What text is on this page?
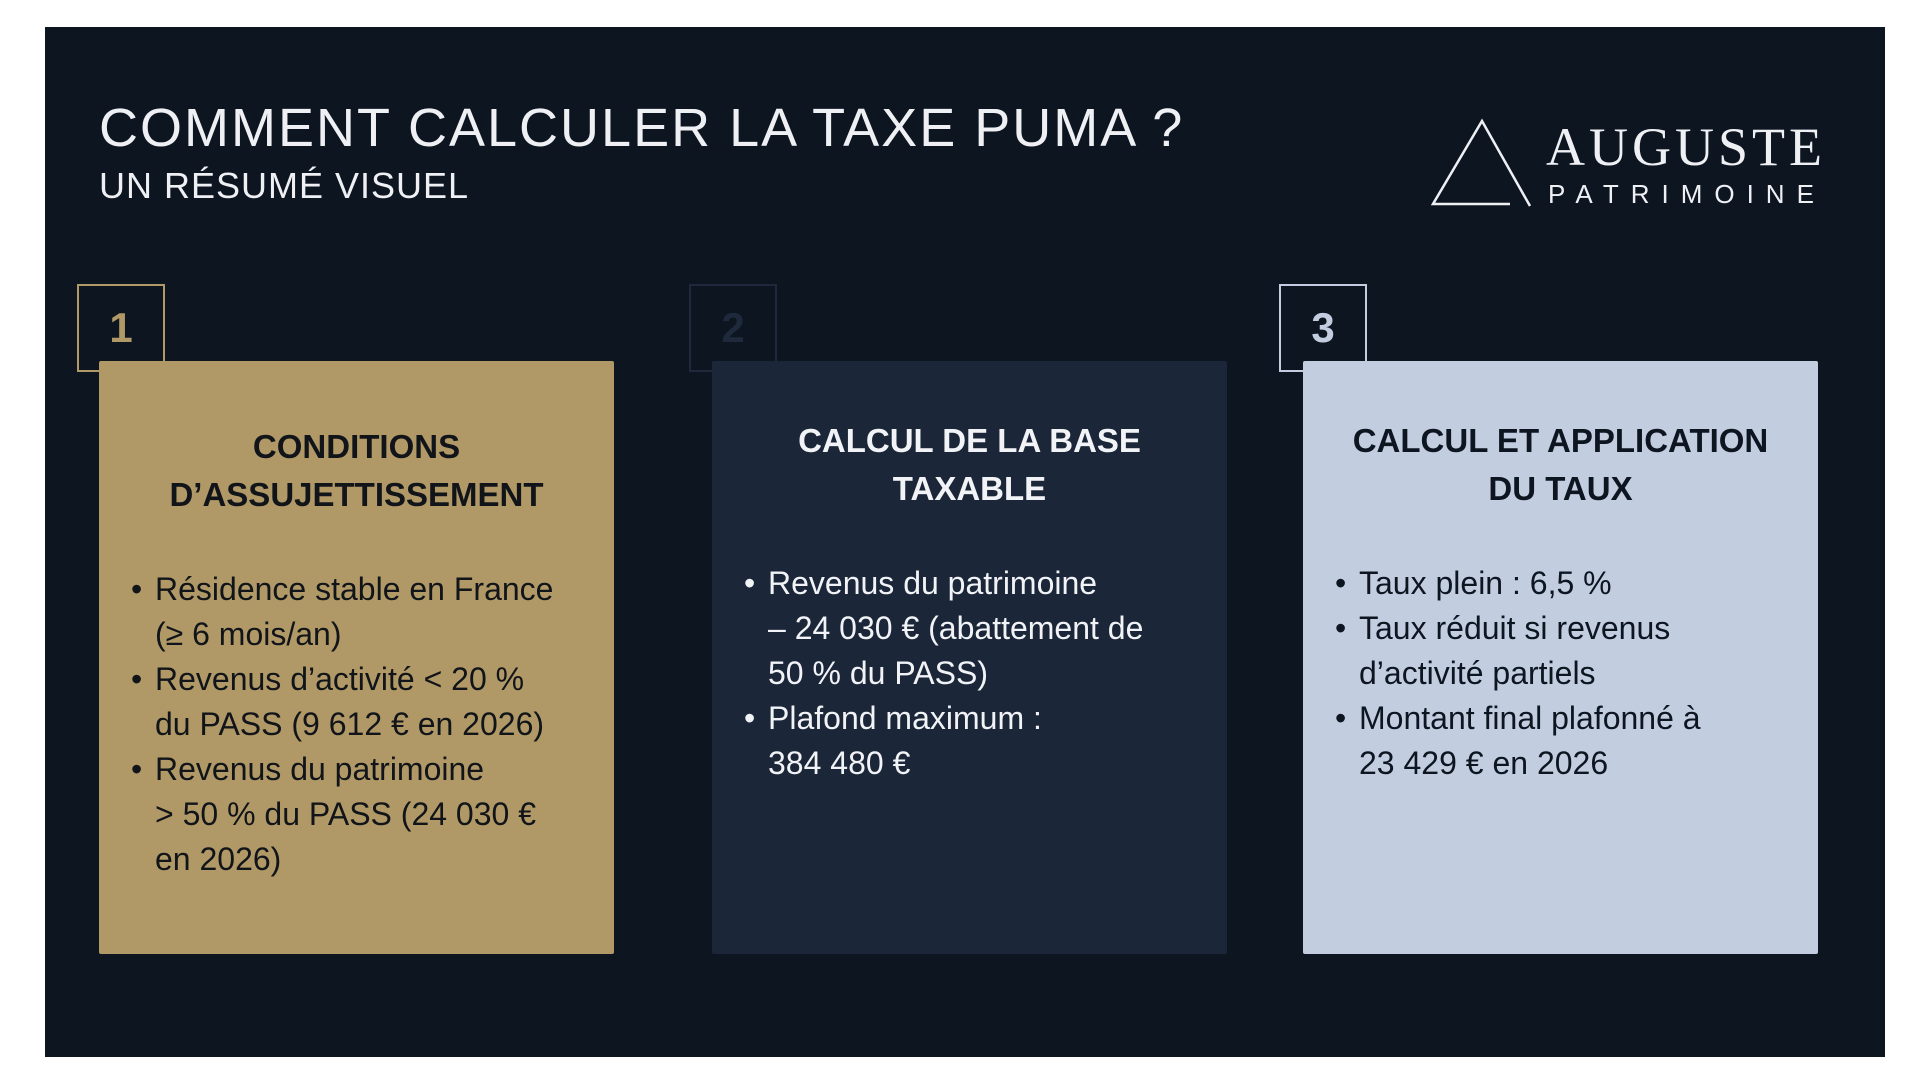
COMMENT CALCULER LA TAXE PUMA ?

UN RÉSUMÉ VISUEL

AUGUSTE
PATRIMOINE
1
CONDITIONS
D’ASSUJETTISSEMENT
• Résidence stable en France
(≥ 6 mois/an)
• Revenus d’activité < 20 %
du PASS (9 612 € en 2026)
• Revenus du patrimoine
> 50 % du PASS (24 030 €
en 2026)
2
CALCUL DE LA BASE
TAXABLE
• Revenus du patrimoine
– 24 030 € (abattement de
50 % du PASS)
• Plafond maximum :
384 480 €
3
CALCUL ET APPLICATION
DU TAUX
• Taux plein : 6,5 %
• Taux réduit si revenus
d’activité partiels
• Montant final plafonné à
23 429 € en 2026
